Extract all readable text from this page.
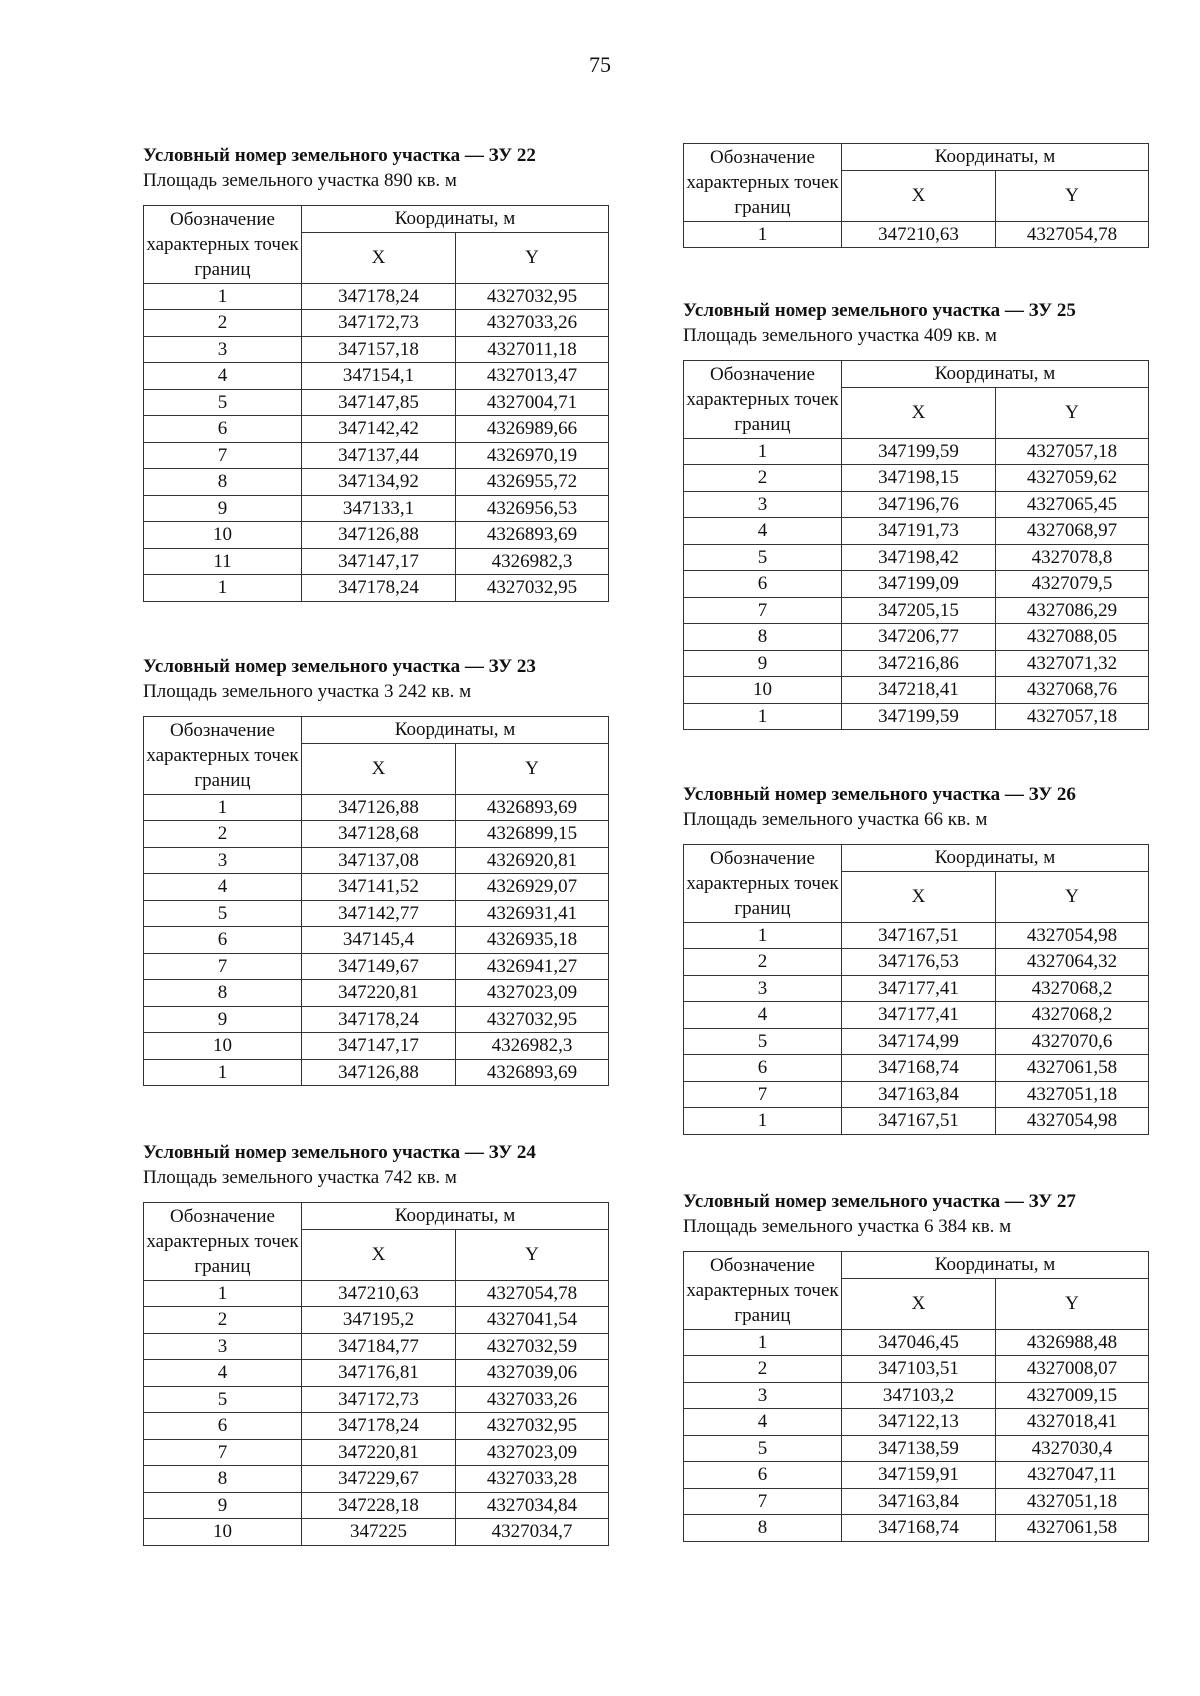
75
Условный номер земельного участка –– ЗУ 22
Площадь земельного участка 890 кв. м
Обозначение характерных точек границ	Координаты, м	
	X	Y
1	347178,24	4327032,95
2	347172,73	4327033,26
3	347157,18	4327011,18
4	347154,1	4327013,47
5	347147,85	4327004,71
6	347142,42	4326989,66
7	347137,44	4326970,19
8	347134,92	4326955,72
9	347133,1	4326956,53
10	347126,88	4326893,69
11	347147,17	4326982,3
1	347178,24	4327032,95
Условный номер земельного участка –– ЗУ 23
Площадь земельного участка 3 242 кв. м
Обозначение характерных точек границ	Координаты, м	
	X	Y
1	347126,88	4326893,69
2	347128,68	4326899,15
3	347137,08	4326920,81
4	347141,52	4326929,07
5	347142,77	4326931,41
6	347145,4	4326935,18
7	347149,67	4326941,27
8	347220,81	4327023,09
9	347178,24	4327032,95
10	347147,17	4326982,3
1	347126,88	4326893,69
Условный номер земельного участка –– ЗУ 24
Площадь земельного участка 742 кв. м
Обозначение характерных точек границ	Координаты, м	
	X	Y
1	347210,63	4327054,78
2	347195,2	4327041,54
3	347184,77	4327032,59
4	347176,81	4327039,06
5	347172,73	4327033,26
6	347178,24	4327032,95
7	347220,81	4327023,09
8	347229,67	4327033,28
9	347228,18	4327034,84
10	347225	4327034,7
Обозначение характерных точек границ	Координаты, м	
	X	Y
1	347210,63	4327054,78
Условный номер земельного участка –– ЗУ 25
Площадь земельного участка 409 кв. м
Обозначение характерных точек границ	Координаты, м	
	X	Y
1	347199,59	4327057,18
2	347198,15	4327059,62
3	347196,76	4327065,45
4	347191,73	4327068,97
5	347198,42	4327078,8
6	347199,09	4327079,5
7	347205,15	4327086,29
8	347206,77	4327088,05
9	347216,86	4327071,32
10	347218,41	4327068,76
1	347199,59	4327057,18
Условный номер земельного участка –– ЗУ 26
Площадь земельного участка 66 кв. м
Обозначение характерных точек границ	Координаты, м	
	X	Y
1	347167,51	4327054,98
2	347176,53	4327064,32
3	347177,41	4327068,2
4	347177,41	4327068,2
5	347174,99	4327070,6
6	347168,74	4327061,58
7	347163,84	4327051,18
1	347167,51	4327054,98
Условный номер земельного участка –– ЗУ 27
Площадь земельного участка 6 384 кв. м
Обозначение характерных точек границ	Координаты, м	
	X	Y
1	347046,45	4326988,48
2	347103,51	4327008,07
3	347103,2	4327009,15
4	347122,13	4327018,41
5	347138,59	4327030,4
6	347159,91	4327047,11
7	347163,84	4327051,18
8	347168,74	4327061,58
